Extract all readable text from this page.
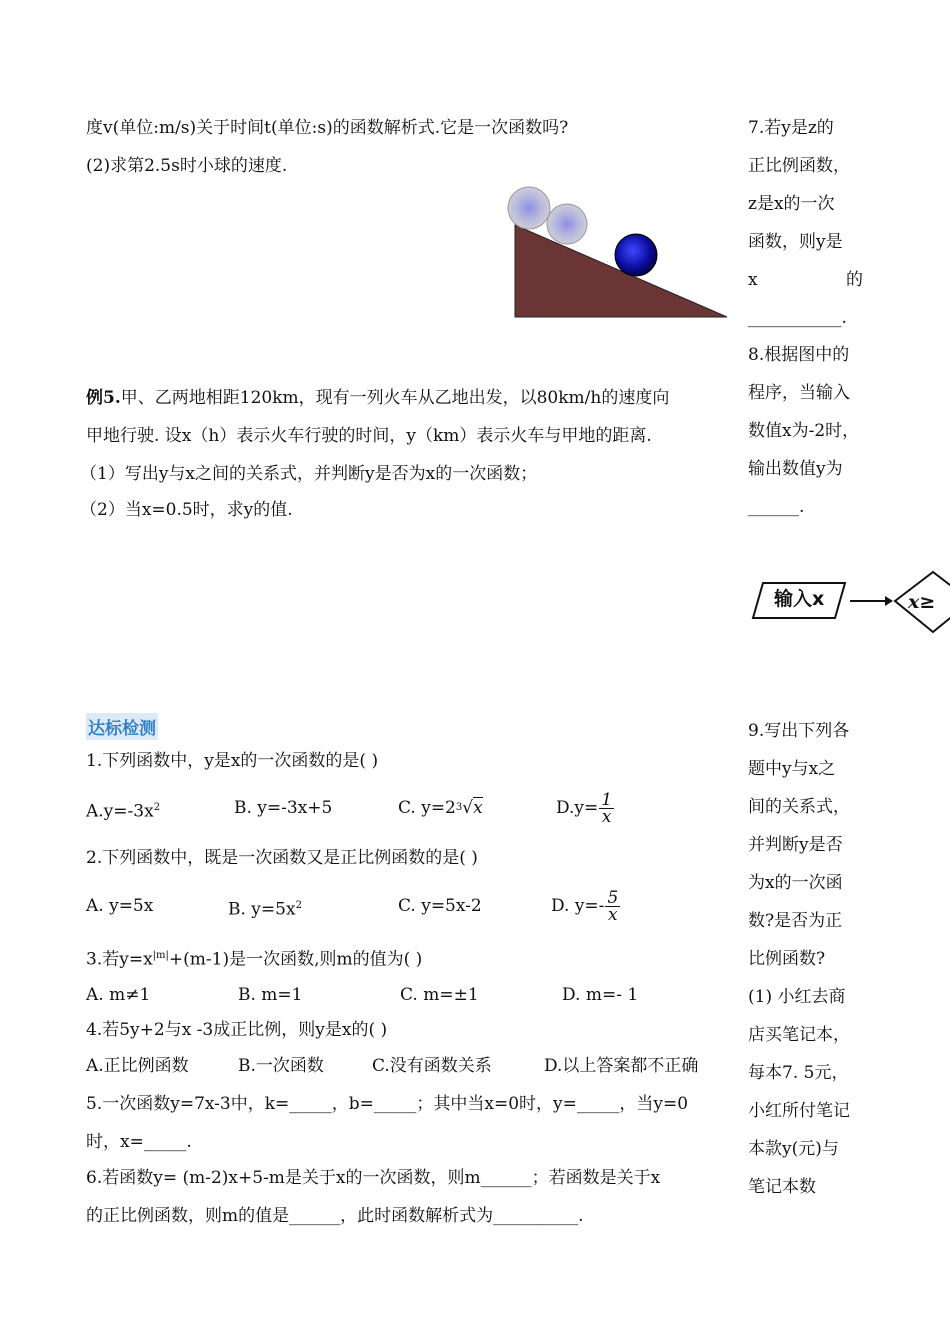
度v(单位:m/s)关于时间t(单位:s)的函数解析式.它是一次函数吗?
(2)求第2.5s时小球的速度.
例5.甲、乙两地相距120km，现有一列火车从乙地出发，以80km/h的速度向
甲地行驶. 设x（h）表示火车行驶的时间，y（km）表示火车与甲地的距离.
（1）写出y与x之间的关系式，并判断y是否为x的一次函数；
（2）当x=0.5时，求y的值.
达标检测
1.下列函数中，y是x的一次函数的是( )
$A.y=-3x^2$	B. y=-3x+5	C. $y=2^3√x$	$D.y= \frac{1}{x}$
2.下列函数中，既是一次函数又是正比例函数的是( )
A. y=5x	B. $y=5x^2$	C. y=5x-2	D. $y=- \frac{5}{x}$
3.若$y=x^{|m|}+(m-1)$是一次函数,则m的值为( )
A. m≠1	B. m=1	C. m=±1	D. m=- 1
4.若5y+2与x -3成正比例，则y是x的( )
A.正比例函数	B.一次函数	C.没有函数关系	D.以上答案都不正确
5.一次函数y=7x-3中，k=_____，b=_____；其中当x=0时，y=_____，当y=0
时，x=_____.
6.若函数y= (m-2)x+5-m是关于x的一次函数，则m______；若函数是关于x
的正比例函数，则m的值是______，此时函数解析式为__________.
7.若y是z的
正比例函数，
z是x的一次
函数，则y是
x	的
___________.
8.根据图中的
程序，当输入
数值x为-2时，
输出数值y为
______.
输入x	x≥
9.写出下列各
题中y与x之
间的关系式，
并判断y是否
为x的一次函
数?是否为正
比例函数?
(1) 小红去商
店买笔记本，
每本7. 5元，
小红所付笔记
本款y(元)与
笔记本数
